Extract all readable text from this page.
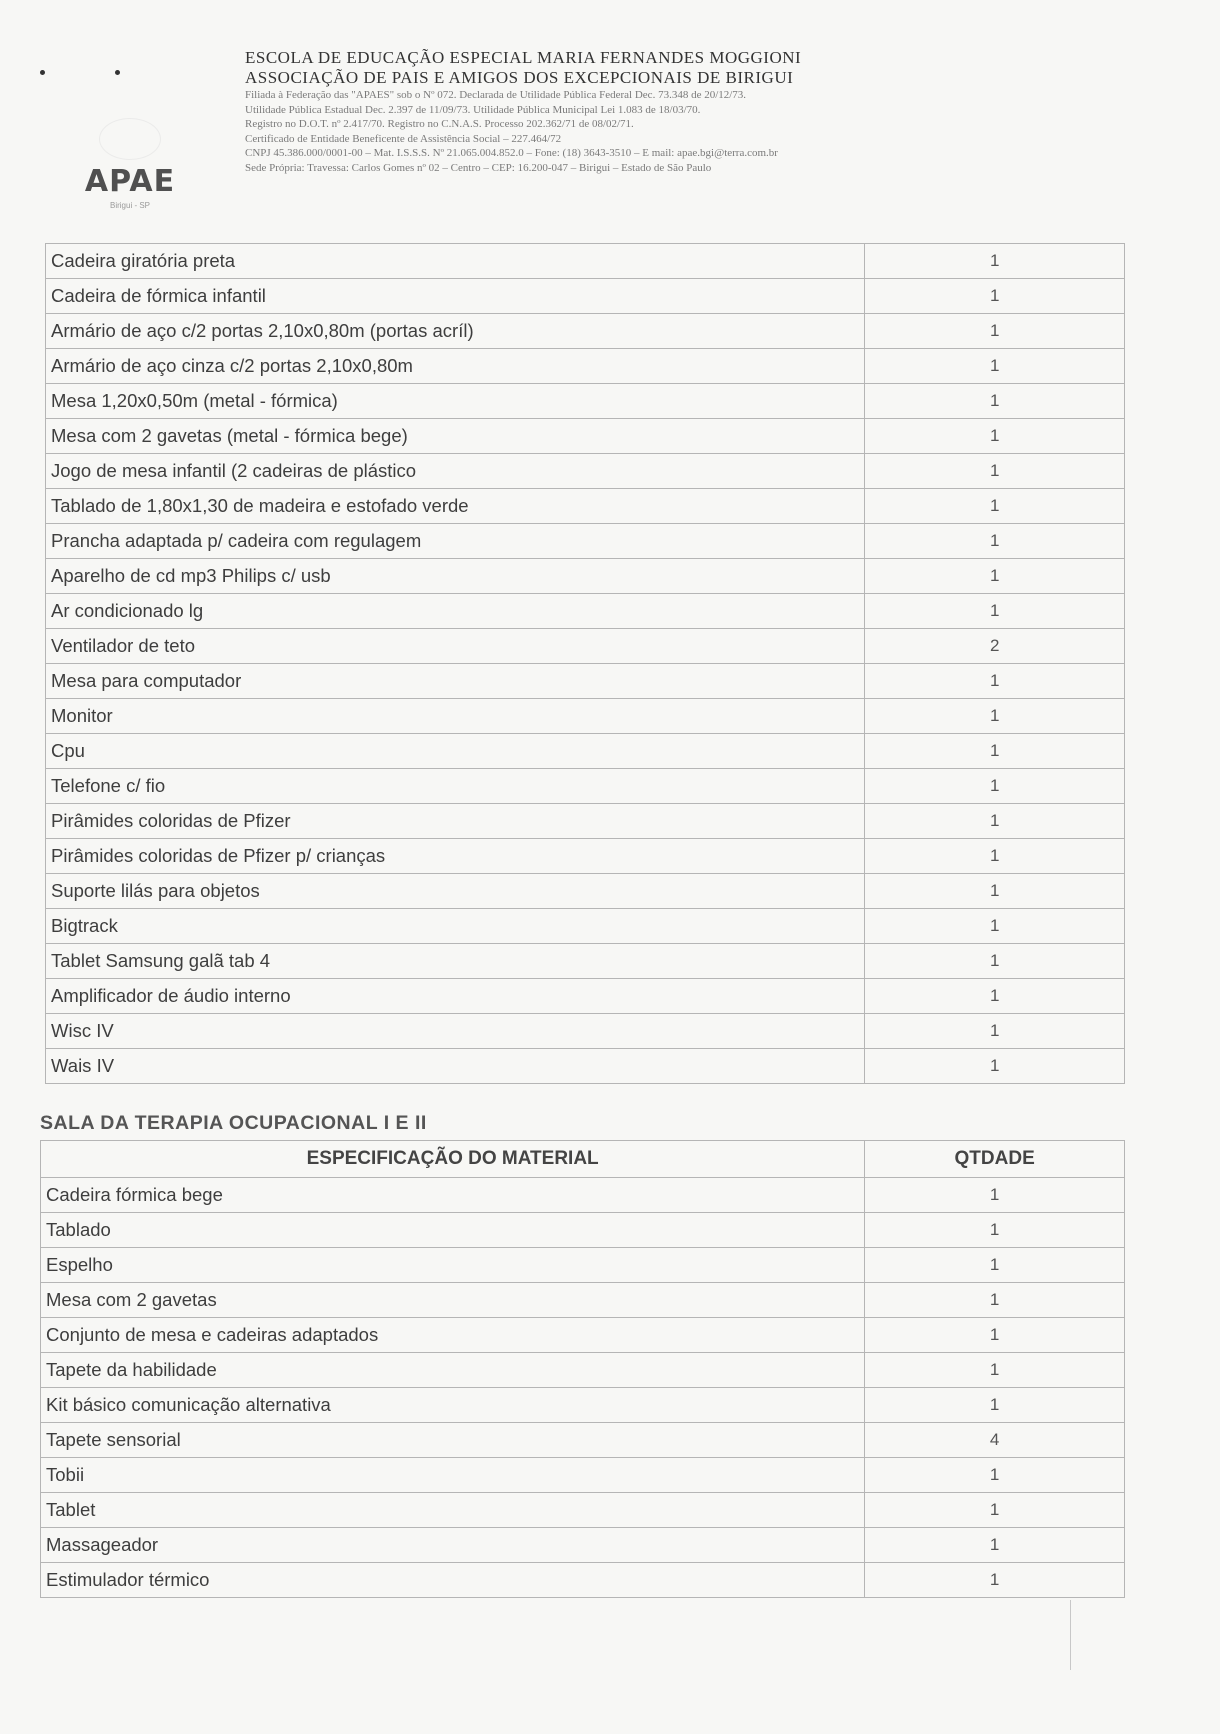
APAE
Birigui - SP
ESCOLA DE EDUCAÇÃO ESPECIAL MARIA FERNANDES MOGGIONI
ASSOCIAÇÃO DE PAIS E AMIGOS DOS EXCEPCIONAIS DE BIRIGUI
Filiada à Federação das "APAES" sob o Nº 072. Declarada de Utilidade Pública Federal Dec. 73.348 de 20/12/73.
Utilidade Pública Estadual Dec. 2.397 de 11/09/73. Utilidade Pública Municipal Lei 1.083 de 18/03/70.
Registro no D.O.T. nº 2.417/70. Registro no C.N.A.S. Processo 202.362/71 de 08/02/71.
Certificado de Entidade Beneficente de Assistência Social – 227.464/72
CNPJ 45.386.000/0001-00 – Mat. I.S.S.S. Nº 21.065.004.852.0 – Fone: (18) 3643-3510 – E mail: apae.bgi@terra.com.br
Sede Própria: Travessa: Carlos Gomes nº 02 – Centro – CEP: 16.200-047 – Birigui – Estado de São Paulo
Cadeira giratória preta	1
Cadeira de fórmica infantil	1
Armário de aço c/2 portas 2,10x0,80m (portas acríl)	1
Armário de aço cinza c/2 portas 2,10x0,80m	1
Mesa 1,20x0,50m (metal - fórmica)	1
Mesa com 2 gavetas (metal - fórmica bege)	1
Jogo de mesa infantil (2 cadeiras de plástico	1
Tablado de 1,80x1,30 de madeira e estofado verde	1
Prancha adaptada p/ cadeira com regulagem	1
Aparelho de cd mp3 Philips c/ usb	1
Ar condicionado lg	1
Ventilador de teto	2
Mesa para computador	1
Monitor	1
Cpu	1
Telefone c/ fio	1
Pirâmides coloridas de Pfizer	1
Pirâmides coloridas de Pfizer p/ crianças	1
Suporte lilás para objetos	1
Bigtrack	1
Tablet Samsung galã tab 4	1
Amplificador de áudio interno	1
Wisc IV	1
Wais IV	1
SALA DA TERAPIA OCUPACIONAL I E II
ESPECIFICAÇÃO DO MATERIAL	QTDADE
Cadeira fórmica bege	1
Tablado	1
Espelho	1
Mesa com 2 gavetas	1
Conjunto de mesa e cadeiras adaptados	1
Tapete da habilidade	1
Kit básico comunicação alternativa	1
Tapete sensorial	4
Tobii	1
Tablet	1
Massageador	1
Estimulador térmico	1
